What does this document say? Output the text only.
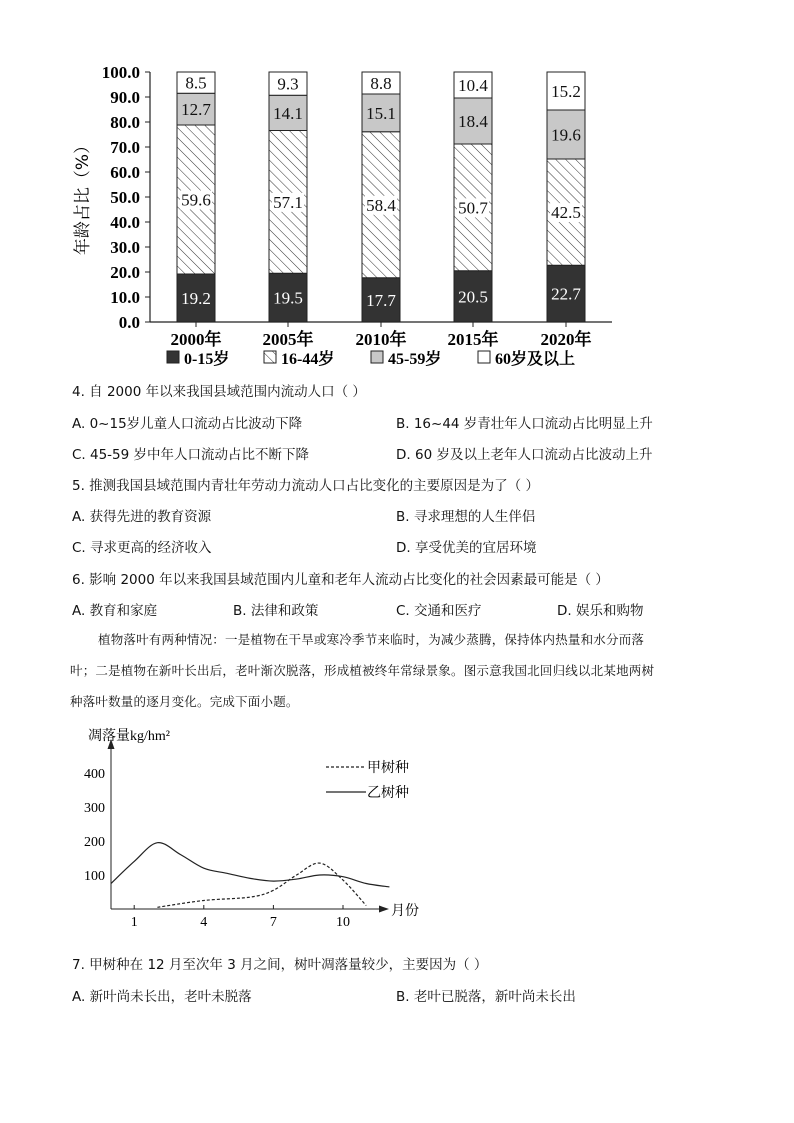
100.0
90.0
80.0
70.0
60.0
50.0
40.0
30.0
20.0
10.0
0.0
19.2
59.6
12.7
8.5
19.5
57.1
14.1
9.3
17.7
58.4
15.1
8.8
20.5
50.7
18.4
10.4
22.7
42.5
19.6
15.2
2000年 2005年 2010年 2015年 2020年
年龄占比（%）
0-15岁	16-44岁	45-59岁	60岁及以上
4. 自 2000 年以来我国县域范围内流动人口（ ）
A. 0~15岁儿童人口流动占比波动下降	B. 16~44 岁青壮年人口流动占比明显上升
C. 45-59 岁中年人口流动占比不断下降	D. 60 岁及以上老年人口流动占比波动上升
5. 推测我国县域范围内青壮年劳动力流动人口占比变化的主要原因是为了（ ）
A. 获得先进的教育资源	B. 寻求理想的人生伴侣
C. 寻求更高的经济收入	D. 享受优美的宜居环境
6. 影响 2000 年以来我国县域范围内儿童和老年人流动占比变化的社会因素最可能是（ ）
A. 教育和家庭	B. 法律和政策	C. 交通和医疗	D. 娱乐和购物
植物落叶有两种情况：一是植物在干旱或寒冷季节来临时，为减少蒸腾，保持体内热量和水分而落
叶；二是植物在新叶长出后，老叶渐次脱落，形成植被终年常绿景象。图示意我国北回归线以北某地两树
种落叶数量的逐月变化。完成下面小题。
凋落量kg/hm²
月份
100
200
300
400
1	4	7	10
甲树种
乙树种
7. 甲树种在 12 月至次年 3 月之间，树叶凋落量较少，主要因为（ ）
A. 新叶尚未长出，老叶未脱落	B. 老叶已脱落，新叶尚未长出
